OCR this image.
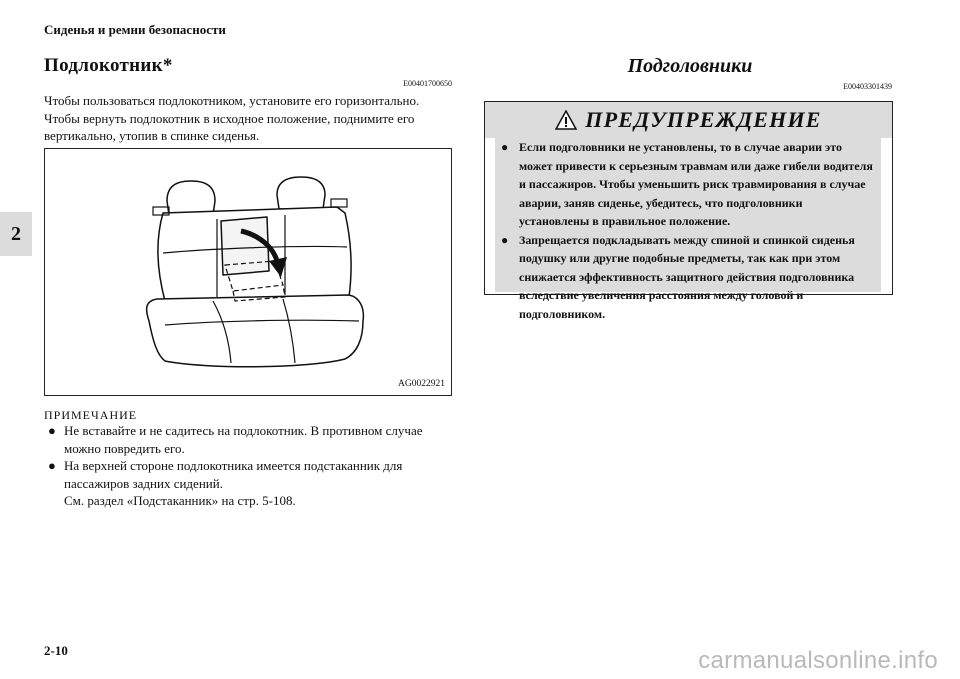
Сиденья и ремни безопасности
2
Подлокотник*
E00401700650
Чтобы пользоваться подлокотником, установите его горизонтально.
Чтобы вернуть подлокотник в исходное положение, поднимите его
вертикально, утопив в спинке сиденья.
AG0022921
ПРИМЕЧАНИЕ
● Не вставайте и не садитесь на подлокотник. В противном случае
можно повредить его.
● На верхней стороне подлокотника имеется подстаканник для
пассажиров задних сидений.
См. раздел «Подстаканник» на стр. 5-108.
Подголовники
E00403301439
ПРЕДУПРЕЖДЕНИЕ
● Если подголовники не установлены, то в случае аварии это
может привести к серьезным травмам или даже гибели водителя
и пассажиров. Чтобы уменьшить риск травмирования в случае
аварии, заняв сиденье, убедитесь, что подголовники
установлены в правильное положение.
● Запрещается подкладывать между спиной и спинкой сиденья
подушку или другие подобные предметы, так как при этом
снижается эффективность защитного действия подголовника
вследствие увеличения расстояния между головой и
подголовником.
2-10	carmanualsonline.info
